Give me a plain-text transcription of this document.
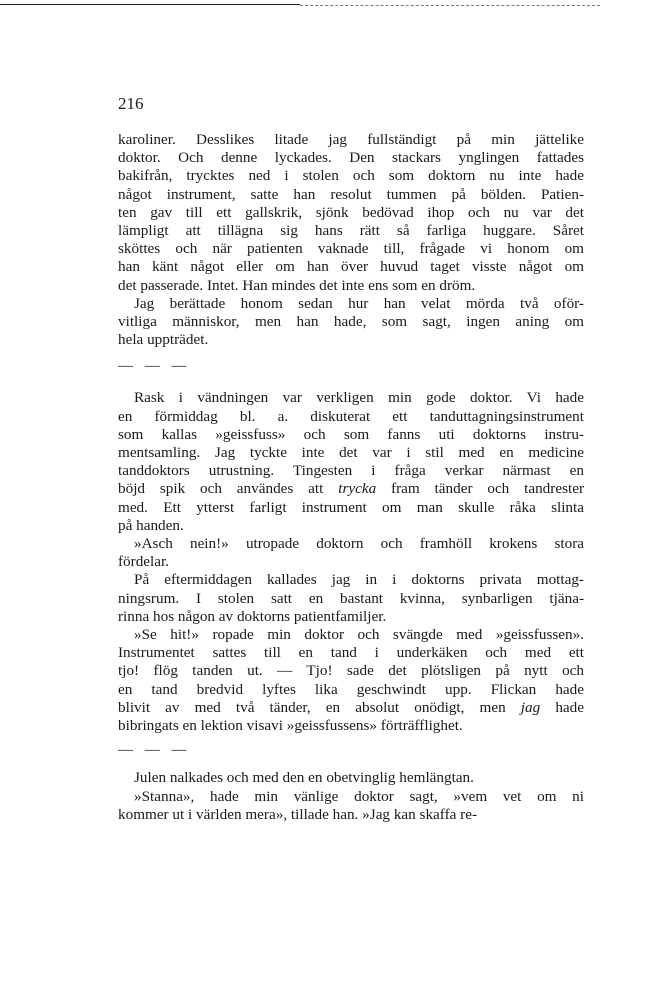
216

karoliner. Desslikes litade jag fullständigt på min jättelike
doktor. Och denne lyckades. Den stackars ynglingen fattades
bakifrån, trycktes ned i stolen och som doktorn nu inte hade
något instrument, satte han resolut tummen på bölden. Patien-
ten gav till ett gallskrik, sjönk bedövad ihop och nu var det
lämpligt att tillägna sig hans rätt så farliga huggare. Såret
sköttes och när patienten vaknade till, frågade vi honom om
han känt något eller om han över huvud taget visste något om
det passerade. Intet. Han mindes det inte ens som en dröm.

Jag berättade honom sedan hur han velat mörda två oför-
vitliga människor, men han hade, som sagt, ingen aning om
hela uppträdet.

— — —

Rask i vändningen var verkligen min gode doktor. Vi hade
en förmiddag bl. a. diskuterat ett tanduttagningsinstrument
som kallas »geissfuss» och som fanns uti doktorns instru-
mentsamling. Jag tyckte inte det var i stil med en medicine
tanddoktors utrustning. Tingesten i fråga verkar närmast en
böjd spik och användes att trycka fram tänder och tandrester
med. Ett ytterst farligt instrument om man skulle råka slinta
på handen.

»Asch nein!» utropade doktorn och framhöll krokens stora
fördelar.

På eftermiddagen kallades jag in i doktorns privata mottag-
ningsrum. I stolen satt en bastant kvinna, synbarligen tjäna-
rinna hos någon av doktorns patientfamiljer.

»Se hit!» ropade min doktor och svängde med »geissfussen».
Instrumentet sattes till en tand i underkäken och med ett
tjo! flög tanden ut. — Tjo! sade det plötsligen på nytt och
en tand bredvid lyftes lika geschwindt upp. Flickan hade
blivit av med två tänder, en absolut onödigt, men jag hade
bibringats en lektion visavi »geissfussens» förträfflighet.

— — —

Julen nalkades och med den en obetvinglig hemlängtan.

»Stanna», hade min vänlige doktor sagt, »vem vet om ni
kommer ut i världen mera», tillade han. »Jag kan skaffa re-
